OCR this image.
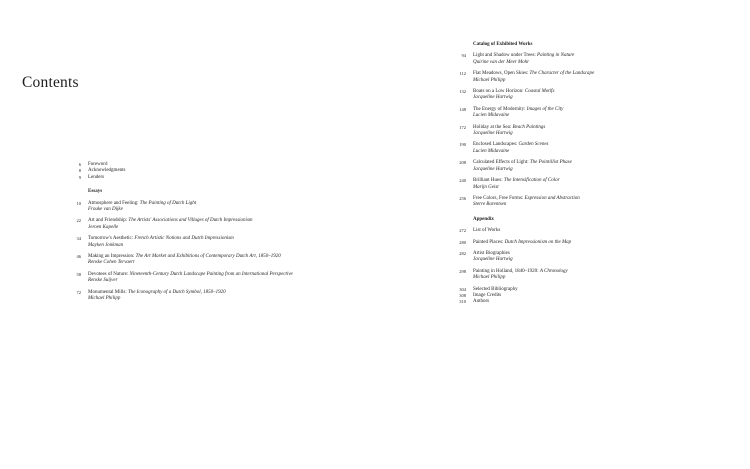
Contents
6	Foreword
8	Acknowledgments
9	Lenders

Essays

10	Atmosphere and Feeling: The Painting of Dutch Light
Frouke van Dijke
22	Art and Friendship: The Artists' Associations and Villages of Dutch Impressionism
Jeroen Kapelle
34	Tomorrow's Aesthetic: French Artistic Notions and Dutch Impressionism
Mayken Jonkman
46	Making an Impression: The Art Market and Exhibitions of Contemporary Dutch Art, 1850–1920
Renske Cohen Tervaert
58	Devotees of Nature: Nineteenth-Century Dutch Landscape Painting from an International Perspective
Renske Suijver
72	Monumental Mills: The Iconography of a Dutch Symbol, 1850–1920
Michael Philipp

Catalog of Exhibited Works

94	Light and Shadow under Trees: Painting in Nature
Quirine van der Meer Mohr
112	Flat Meadows, Open Skies: The Character of the Landscape
Michael Philipp
132	Boats on a Low Horizon: Coastal Motifs
Jacqueline Hartwig
148	The Energy of Modernity: Images of the City
Lucien Midavaine
172	Holiday at the Sea: Beach Paintings
Jacqueline Hartwig
190	Enclosed Landscapes: Garden Scenes
Lucien Midavaine
208	Calculated Effects of Light: The Pointillist Phase
Jacqueline Hartwig
240	Brilliant Hues: The Intensification of Color
Marijn Geist
256	Free Colors, Free Forms: Expression and Abstraction
Sterre Barentsen

Appendix

272	List of Works
280	Painted Places: Dutch Impressionism on the Map
282	Artist Biographies
Jacqueline Hartwig
298	Painting in Holland, 1840–1920: A Chronology
Michael Philipp
304	Selected Bibliography
308	Image Credits
310	Authors
